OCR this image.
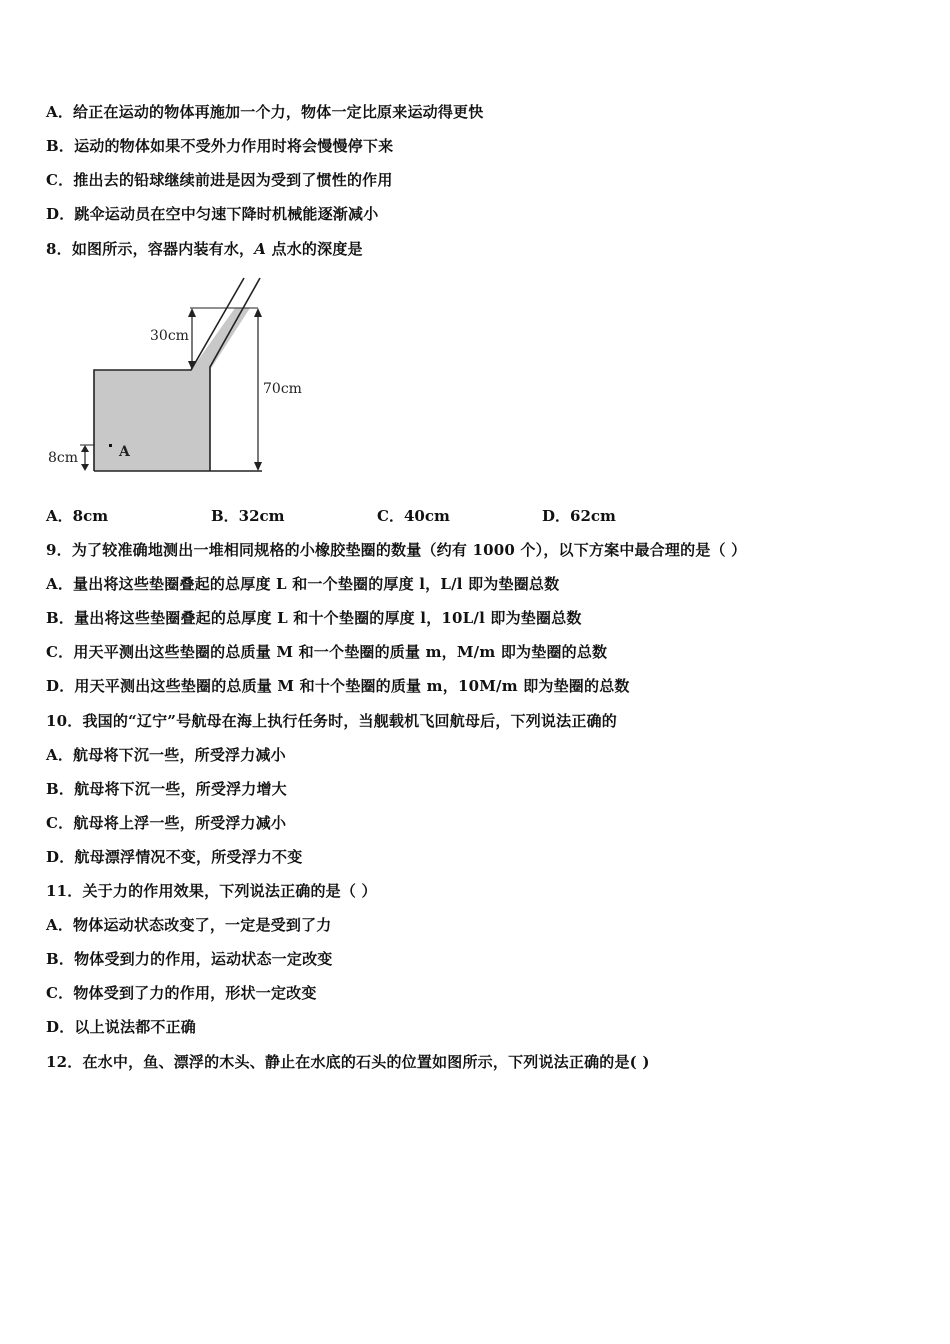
A．给正在运动的物体再施加一个力，物体一定比原来运动得更快
B．运动的物体如果不受外力作用时将会慢慢停下来
C．推出去的铅球继续前进是因为受到了惯性的作用
D．跳伞运动员在空中匀速下降时机械能逐渐减小
8．如图所示，容器内装有水，A 点水的深度是
30cm
70cm
8cm	A
A．8cm	B．32cm	C．40cm	D．62cm
9．为了较准确地测出一堆相同规格的小橡胶垫圈的数量（约有 1000 个），以下方案中最合理的是（ ）
A．量出将这些垫圈叠起的总厚度 L 和一个垫圈的厚度 l，L/l 即为垫圈总数
B．量出将这些垫圈叠起的总厚度 L 和十个垫圈的厚度 l，10L/l 即为垫圈总数
C．用天平测出这些垫圈的总质量 M 和一个垫圈的质量 m，M/m 即为垫圈的总数
D．用天平测出这些垫圈的总质量 M 和十个垫圈的质量 m，10M/m 即为垫圈的总数
10．我国的“辽宁”号航母在海上执行任务时，当舰载机飞回航母后，下列说法正确的
A．航母将下沉一些，所受浮力减小
B．航母将下沉一些，所受浮力增大
C．航母将上浮一些，所受浮力减小
D．航母漂浮情况不变，所受浮力不变
11．关于力的作用效果，下列说法正确的是（ ）
A．物体运动状态改变了，一定是受到了力
B．物体受到力的作用，运动状态一定改变
C．物体受到了力的作用，形状一定改变
D．以上说法都不正确
12．在水中，鱼、漂浮的木头、静止在水底的石头的位置如图所示，下列说法正确的是( )
